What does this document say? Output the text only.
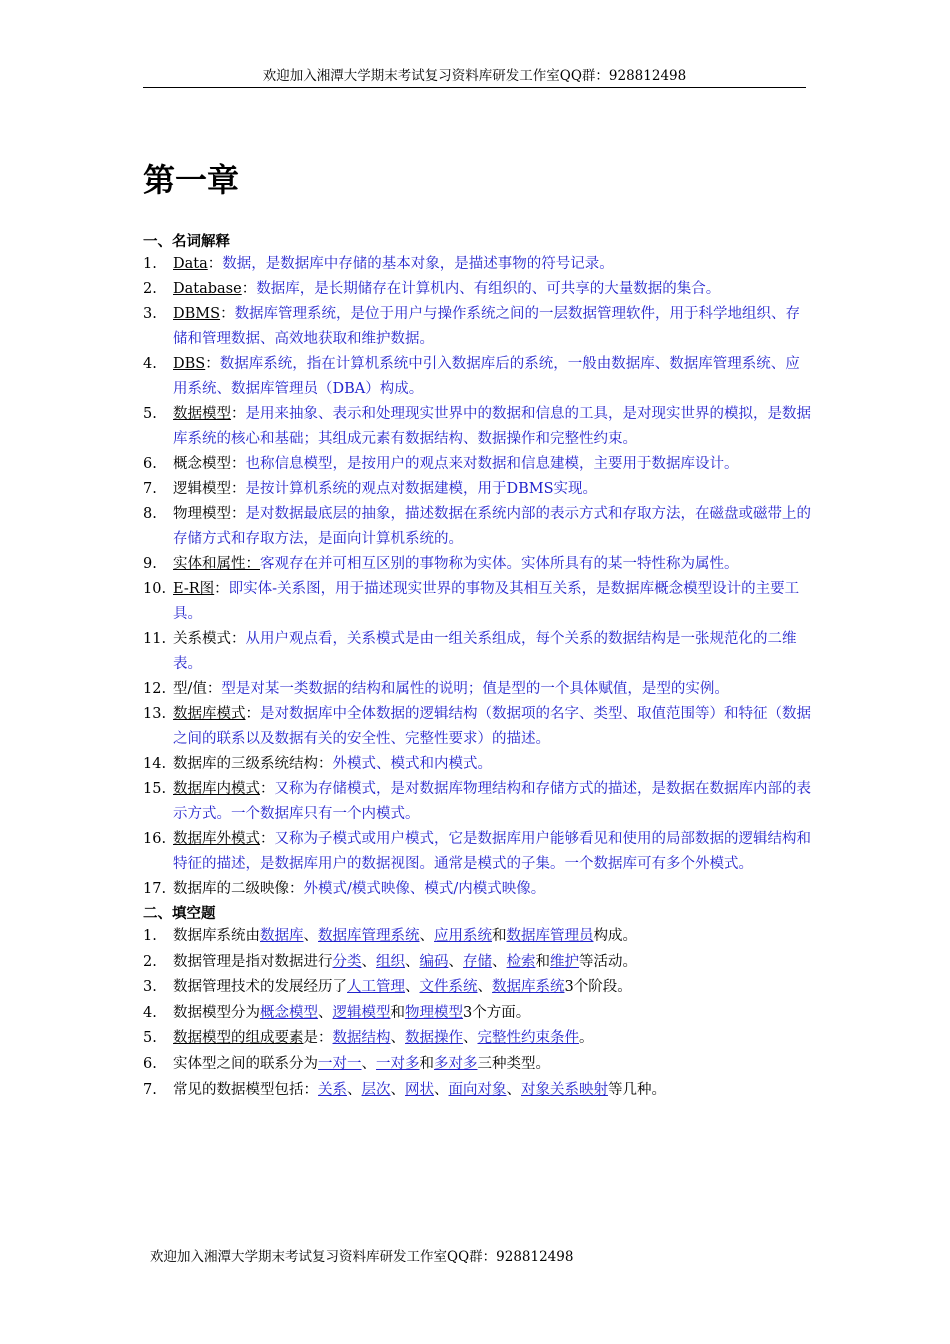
欢迎加入湘潭大学期末考试复习资料库研发工作室QQ群：928812498
第一章
一、名词解释
1. Data：数据，是数据库中存储的基本对象，是描述事物的符号记录。
2. Database：数据库，是长期储存在计算机内、有组织的、可共享的大量数据的集合。
3. DBMS：数据库管理系统，是位于用户与操作系统之间的一层数据管理软件，用于科学地组织、存储和管理数据、高效地获取和维护数据。
4. DBS：数据库系统，指在计算机系统中引入数据库后的系统，一般由数据库、数据库管理系统、应用系统、数据库管理员（DBA）构成。
5. 数据模型：是用来抽象、表示和处理现实世界中的数据和信息的工具，是对现实世界的模拟，是数据库系统的核心和基础；其组成元素有数据结构、数据操作和完整性约束。
6. 概念模型：也称信息模型，是按用户的观点来对数据和信息建模，主要用于数据库设计。
7. 逻辑模型：是按计算机系统的观点对数据建模，用于DBMS实现。
8. 物理模型：是对数据最底层的抽象，描述数据在系统内部的表示方式和存取方法，在磁盘或磁带上的存储方式和存取方法，是面向计算机系统的。
9. 实体和属性：客观存在并可相互区别的事物称为实体。实体所具有的某一特性称为属性。
10. E-R图：即实体-关系图，用于描述现实世界的事物及其相互关系，是数据库概念模型设计的主要工具。
11. 关系模式：从用户观点看，关系模式是由一组关系组成，每个关系的数据结构是一张规范化的二维表。
12. 型/值：型是对某一类数据的结构和属性的说明；值是型的一个具体赋值，是型的实例。
13. 数据库模式：是对数据库中全体数据的逻辑结构（数据项的名字、类型、取值范围等）和特征（数据之间的联系以及数据有关的安全性、完整性要求）的描述。
14. 数据库的三级系统结构：外模式、模式和内模式。
15. 数据库内模式：又称为存储模式，是对数据库物理结构和存储方式的描述，是数据在数据库内部的表示方式。一个数据库只有一个内模式。
16. 数据库外模式：又称为子模式或用户模式，它是数据库用户能够看见和使用的局部数据的逻辑结构和特征的描述，是数据库用户的数据视图。通常是模式的子集。一个数据库可有多个外模式。
17. 数据库的二级映像：外模式/模式映像、模式/内模式映像。
二、填空题
1. 数据库系统由数据库、数据库管理系统、应用系统和数据库管理员构成。
2. 数据管理是指对数据进行分类、组织、编码、存储、检索和维护等活动。
3. 数据管理技术的发展经历了人工管理、文件系统、数据库系统3个阶段。
4. 数据模型分为概念模型、逻辑模型和物理模型3个方面。
5. 数据模型的组成要素是：数据结构、数据操作、完整性约束条件。
6. 实体型之间的联系分为一对一、一对多和多对多三种类型。
7. 常见的数据模型包括：关系、层次、网状、面向对象、对象关系映射等几种。
欢迎加入湘潭大学期末考试复习资料库研发工作室QQ群：928812498
